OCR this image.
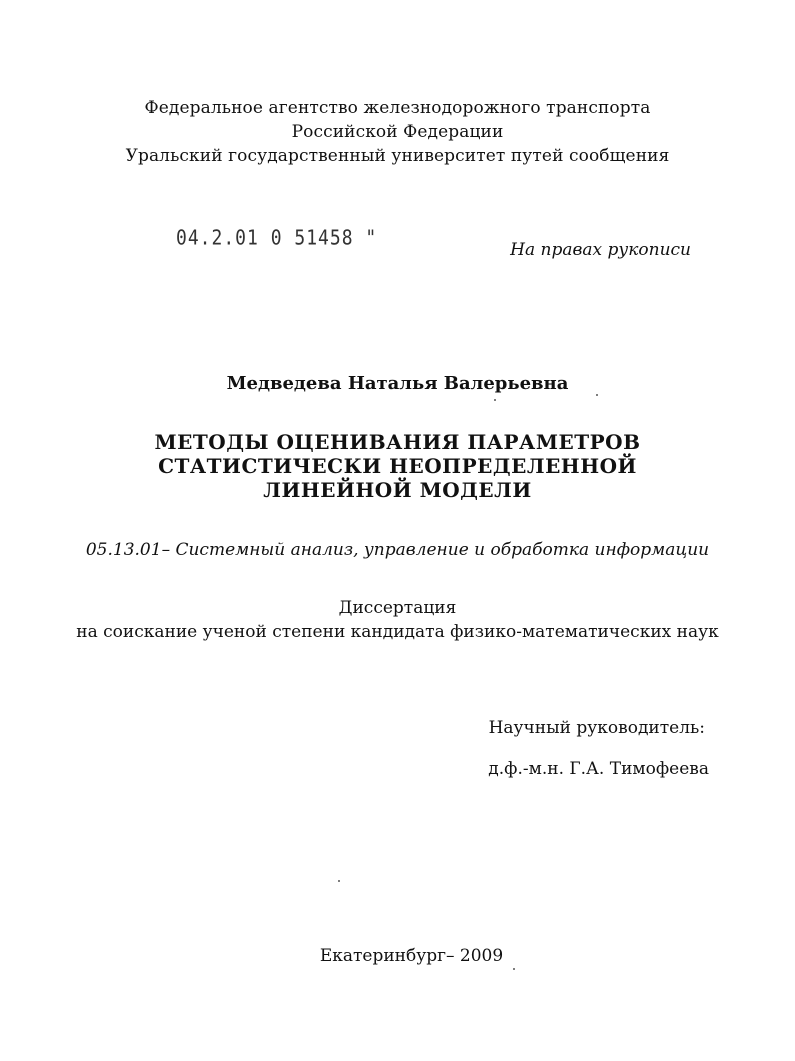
Федеральное агентство железнодорожного транспорта
Российской Федерации
Уральский государственный университет путей сообщения
04.2.01 0 51458 "	На правах рукописи
Медведева Наталья Валерьевна
МЕТОДЫ ОЦЕНИВАНИЯ ПАРАМЕТРОВ
СТАТИСТИЧЕСКИ НЕОПРЕДЕЛЕННОЙ
ЛИНЕЙНОЙ МОДЕЛИ
05.13.01– Системный анализ, управление и обработка информации
Диссертация
на соискание ученой степени кандидата физико-математических наук
Научный руководитель:
д.ф.-м.н. Г.А. Тимофеева
Екатеринбург– 2009
